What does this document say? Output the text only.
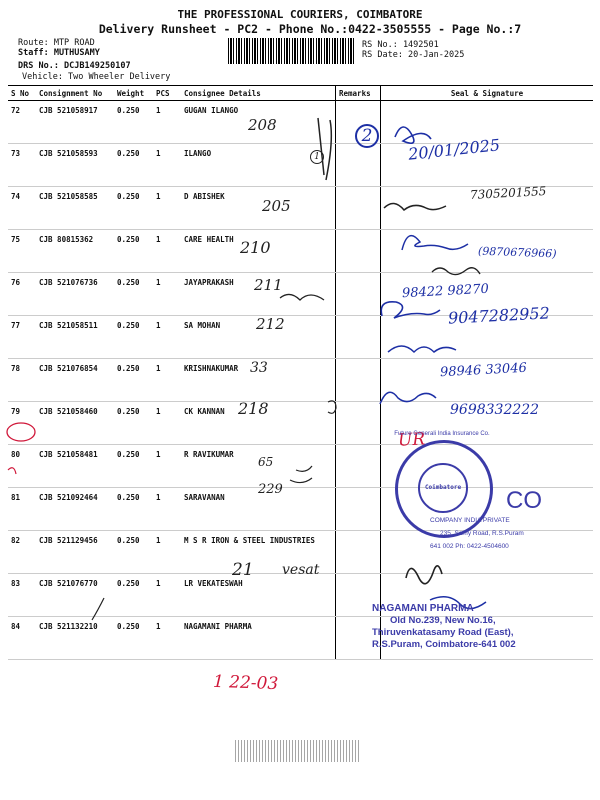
THE PROFESSIONAL COURIERS, COIMBATORE
Delivery Runsheet - PC2 - Phone No.:0422-3505555 - Page No.:7
Route: MTP ROAD
Staff: MUTHUSAMY
DRS No.: DCJB149250107
Vehicle: Two Wheeler Delivery
RS No.: 1492501
RS Date: 20-Jan-2025
S No	Consignment No	Weight	PCS	Consignee Details	Remarks	Seal & Signature
72	CJB 521058917	0.250	1	GUGAN ILANGO		
73	CJB 521058593	0.250	1	ILANGO		
74	CJB 521058585	0.250	1	D ABISHEK		
75	CJB 80815362	0.250	1	CARE HEALTH		
76	CJB 521076736	0.250	1	JAYAPRAKASH		
77	CJB 521058511	0.250	1	SA MOHAN		
78	CJB 521076854	0.250	1	KRISHNAKUMAR		
79	CJB 521058460	0.250	1	CK KANNAN		
80	CJB 521058481	0.250	1	R RAVIKUMAR		
81	CJB 521092464	0.250	1	SARAVANAN		
82	CJB 521129456	0.250	1	M S R IRON & STEEL INDUSTRIES		
83	CJB 521076770	0.250	1	LR VEKATESWAH		
84	CJB 521132210	0.250	1	NAGAMANI PHARMA		
208
2	20/01/2025
1
205
7305201555
210	(9870676966)
211	98422 98270
212	9047282952
33	98946 33046
218	9698332222
UR
65
229
21 vesat
1 22-03
Coimbatore
Future Generali India Insurance Co.
CO
COMPANY INDIA PRIVATE
235, Samy Road, R.S.Puram
641 002 Ph: 0422-4504600
NAGAMANI PHARMA
Old No.239, New No.16,
Thiruvenkatasamy Road (East),
R.S.Puram, Coimbatore-641 002
